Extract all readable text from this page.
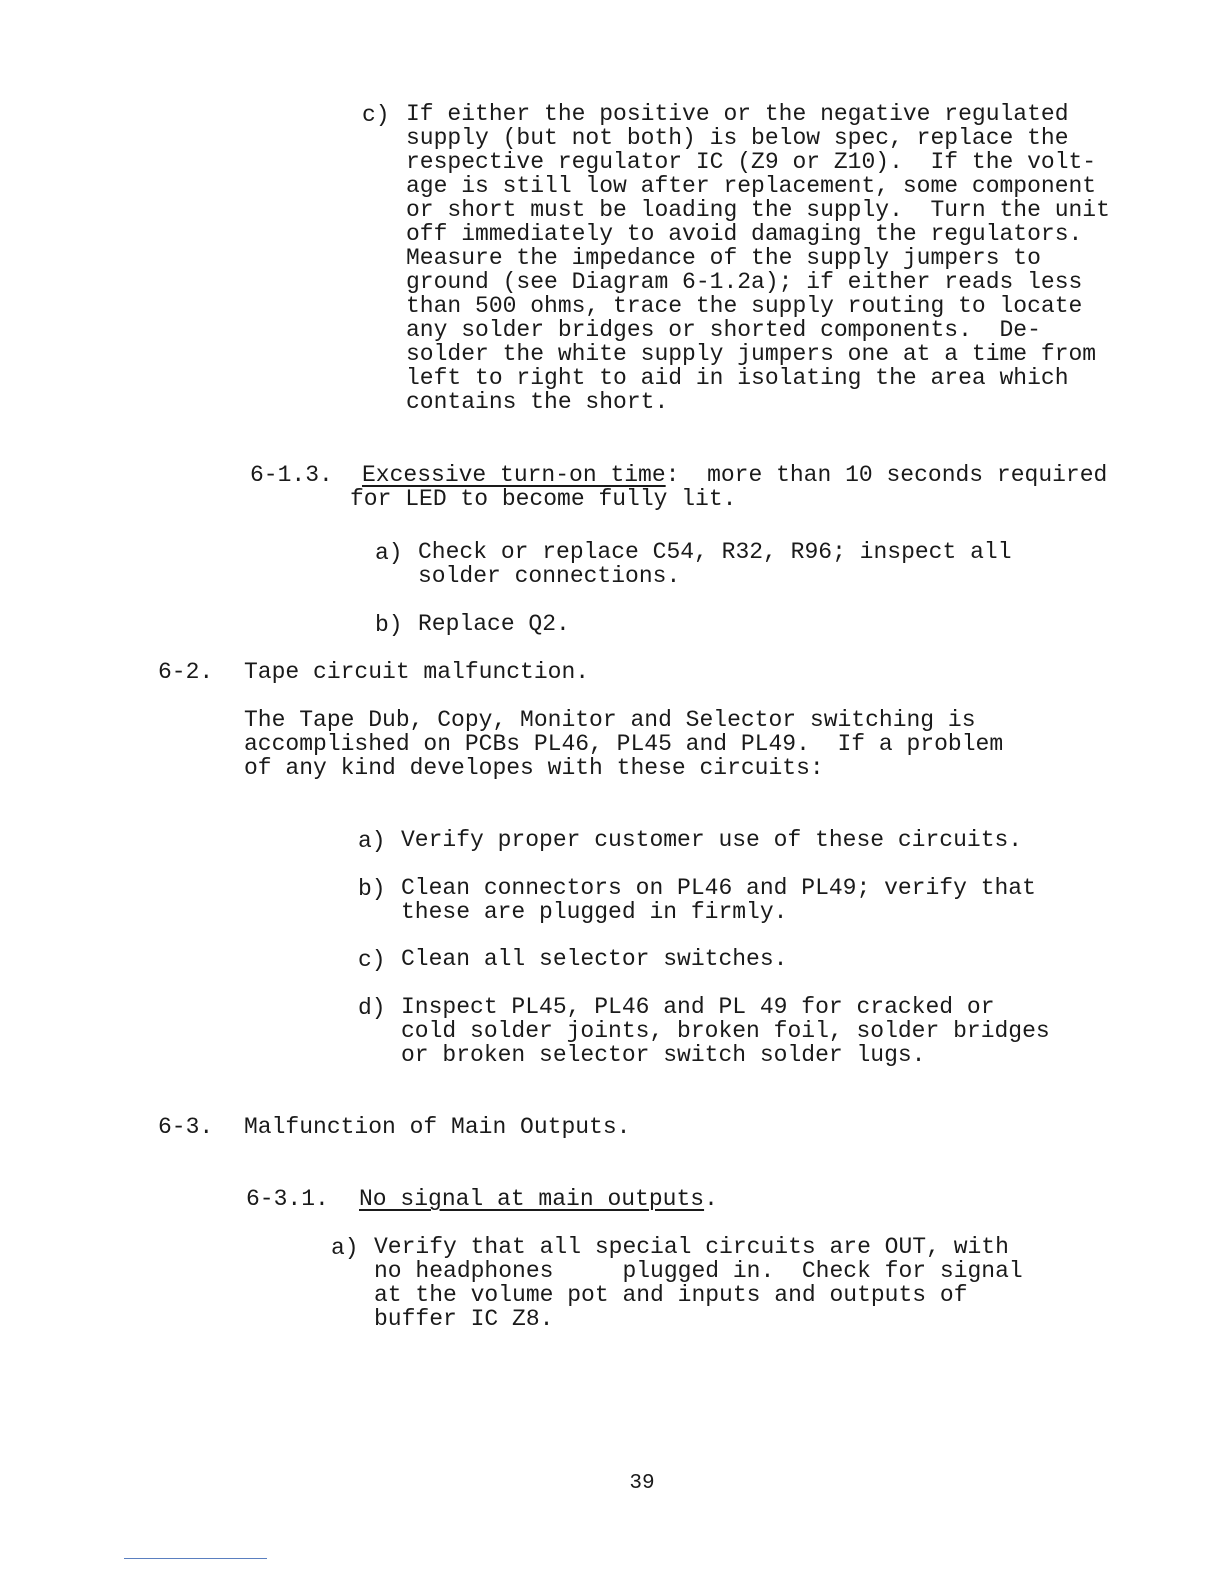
c) If either the positive or the negative regulated
supply (but not both) is below spec, replace the
respective regulator IC (Z9 or Z10).  If the volt-
age is still low after replacement, some component
or short must be loading the supply.  Turn the unit
off immediately to avoid damaging the regulators.
Measure the impedance of the supply jumpers to
ground (see Diagram 6-1.2a); if either reads less
than 500 ohms, trace the supply routing to locate
any solder bridges or shorted components.  De-
solder the white supply jumpers one at a time from
left to right to aid in isolating the area which
contains the short.
6-1.3. Excessive turn-on time:  more than 10 seconds required
for LED to become fully lit.
a) Check or replace C54, R32, R96; inspect all
solder connections.
b) Replace Q2.
6-2. Tape circuit malfunction.
The Tape Dub, Copy, Monitor and Selector switching is
accomplished on PCBs PL46, PL45 and PL49.  If a problem
of any kind developes with these circuits:
a) Verify proper customer use of these circuits.
b) Clean connectors on PL46 and PL49; verify that
these are plugged in firmly.
c) Clean all selector switches.
d) Inspect PL45, PL46 and PL 49 for cracked or
cold solder joints, broken foil, solder bridges
or broken selector switch solder lugs.
6-3. Malfunction of Main Outputs.
6-3.1. No signal at main outputs.
a) Verify that all special circuits are OUT, with
no headphones     plugged in.  Check for signal
at the volume pot and inputs and outputs of
buffer IC Z8.
39
